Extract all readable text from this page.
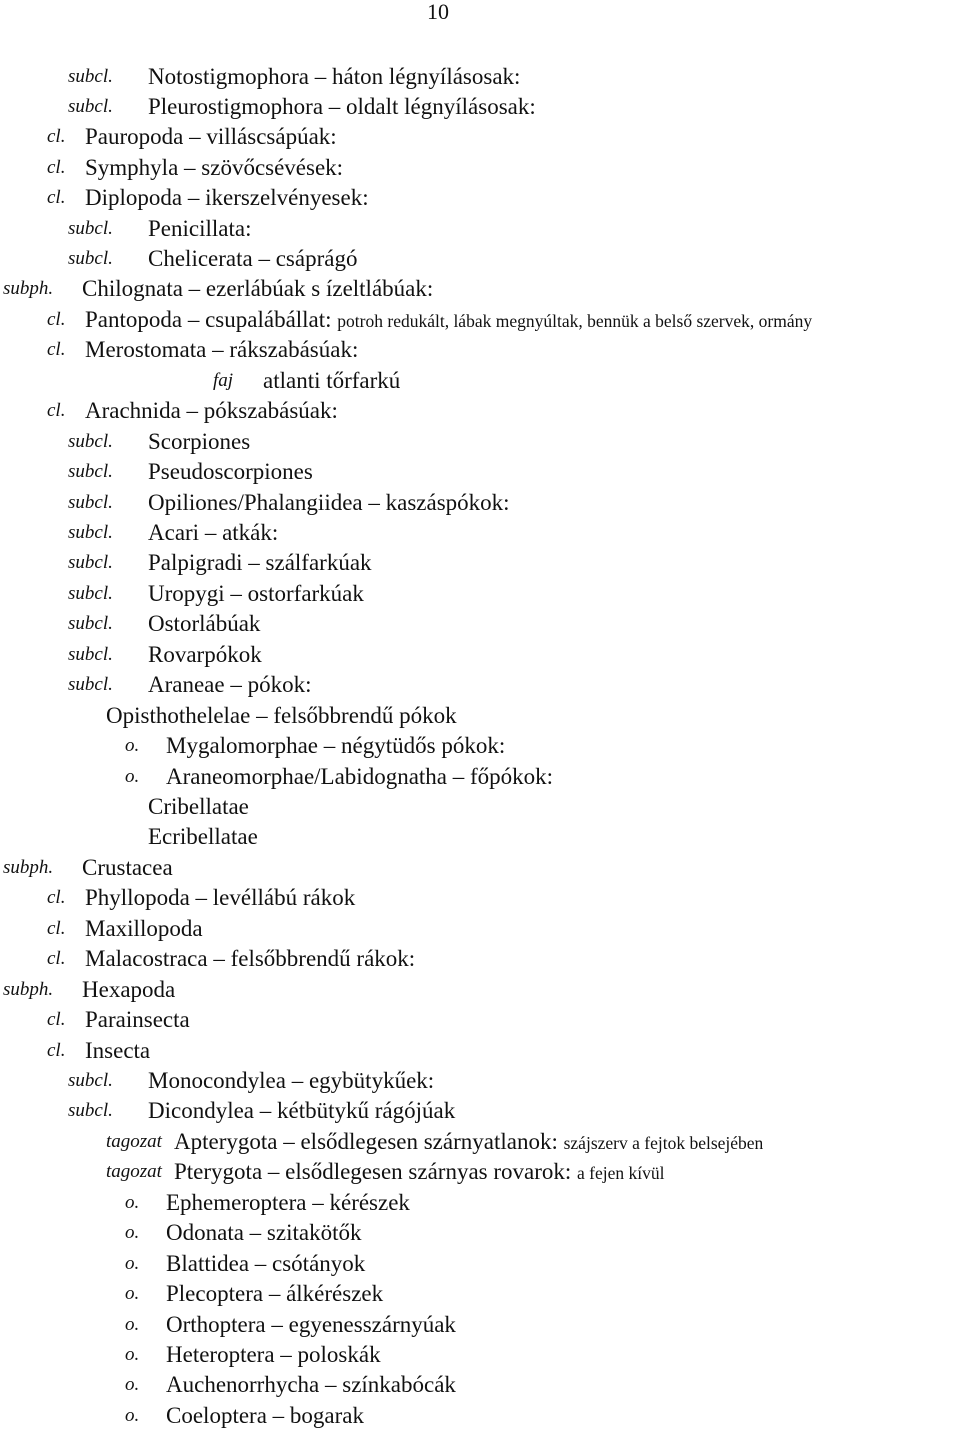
10
subcl. Notostigmophora – háton légnyílásosak:
subcl. Pleurostigmophora – oldalt légnyílásosak:
cl. Pauropoda – villáscsápúak:
cl. Symphyla – szövőcsévések:
cl. Diplopoda – ikerszelvényesek:
subcl. Penicillata:
subcl. Chelicerata – csáprágó
subph. Chilognata – ezerlábúak s ízeltlábúak:
cl. Pantopoda – csupalábállat: potroh redukált, lábak megnyúltak, bennük a belső szervek, ormány
cl. Merostomata – rákszabásúak:
faj atlanti tőrfarkú
cl. Arachnida – pókszabásúak:
subcl. Scorpiones
subcl. Pseudoscorpiones
subcl. Opiliones/Phalangiidea – kaszáspókok:
subcl. Acari – atkák:
subcl. Palpigradi – szálfarkúak
subcl. Uropygi – ostorfarkúak
subcl. Ostorlábúak
subcl. Rovarpókok
subcl. Araneae – pókok:
Opisthothelelae – felsőbbrendű pókok
o. Mygalomorphae – négytüdős pókok:
o. Araneomorphae/Labidognatha – főpókok:
Cribellatae
Ecribellatae
subph. Crustacea
cl. Phyllopoda – levéllábú rákok
cl. Maxillopoda
cl. Malacostraca – felsőbbrendű rákok:
subph. Hexapoda
cl. Parainsecta
cl. Insecta
subcl. Monocondylea – egybütykűek:
subcl. Dicondylea – kétbütykű rágójúak
tagozat Apterygota – elsődlegesen szárnyatlanok: szájszerv a fejtok belsejében
tagozat Pterygota – elsődlegesen szárnyas rovarok: a fejen kívül
o. Ephemeroptera – kérészek
o. Odonata – szitakötők
o. Blattidea – csótányok
o. Plecoptera – álkérészek
o. Orthoptera – egyenesszárnyúak
o. Heteroptera – poloskák
o. Auchenorrhycha – színkabócák
o. Coeloptera – bogarak
